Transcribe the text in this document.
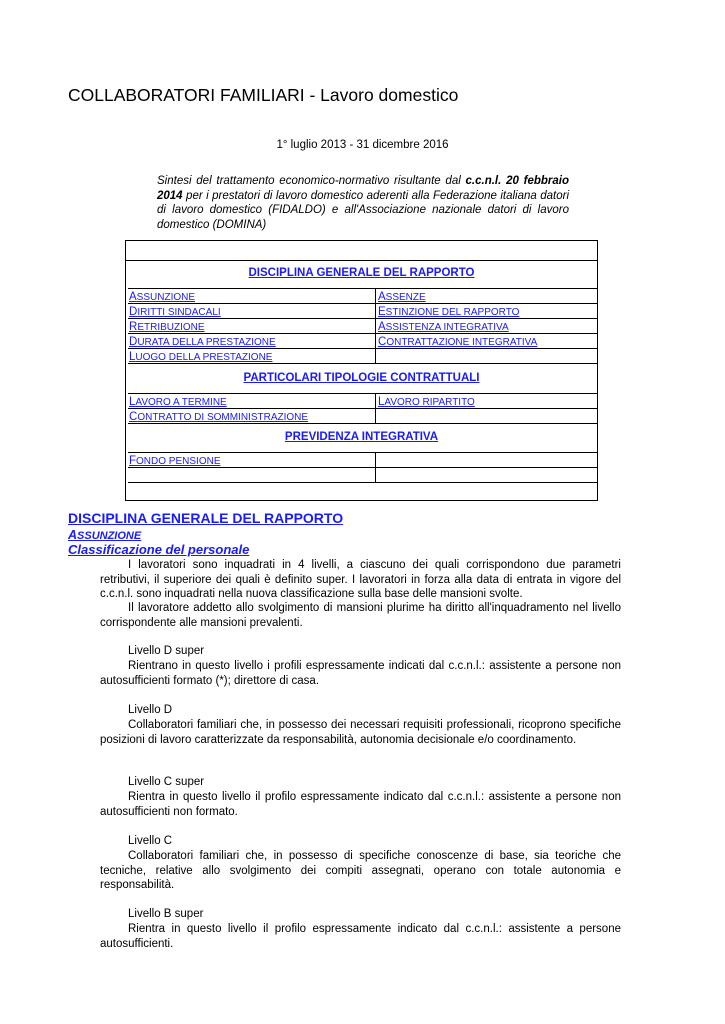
COLLABORATORI FAMILIARI - Lavoro domestico
1° luglio 2013 - 31 dicembre 2016

Sintesi del trattamento economico-normativo risultante dal c.c.n.l. 20 febbraio 2014 per i prestatori di lavoro domestico aderenti alla Federazione italiana datori di lavoro domestico (FIDALDO) e all'Associazione nazionale datori di lavoro domestico (DOMINA)

DISCIPLINA GENERALE DEL RAPPORTO
ASSUNZIONE
DIRITTI SINDACALI
RETRIBUZIONE
DURATA DELLA PRESTAZIONE
LUOGO DELLA PRESTAZIONE
ASSENZE
ESTINZIONE DEL RAPPORTO
ASSISTENZA INTEGRATIVA
CONTRATTAZIONE INTEGRATIVA
PARTICOLARI TIPOLOGIE CONTRATTUALI
LAVORO A TERMINE
CONTRATTO DI SOMMINISTRAZIONE
LAVORO RIPARTITO
PREVIDENZA INTEGRATIVA
FONDO PENSIONE
DISCIPLINA GENERALE DEL RAPPORTO
ASSUNZIONE
Classificazione del personale

I lavoratori sono inquadrati in 4 livelli, a ciascuno dei quali corrispondono due parametri retributivi, il superiore dei quali è definito super. I lavoratori in forza alla data di entrata in vigore del c.c.n.l. sono inquadrati nella nuova classificazione sulla base delle mansioni svolte.

Il lavoratore addetto allo svolgimento di mansioni plurime ha diritto all'inquadramento nel livello corrispondente alle mansioni prevalenti.

Livello D super

Rientrano in questo livello i profili espressamente indicati dal c.c.n.l.: assistente a persone non autosufficienti formato (*); direttore di casa.

Livello D

Collaboratori familiari che, in possesso dei necessari requisiti professionali, ricoprono specifiche posizioni di lavoro caratterizzate da responsabilità, autonomia decisionale e/o coordinamento.

Livello C super

Rientra in questo livello il profilo espressamente indicato dal c.c.n.l.: assistente a persone non autosufficienti non formato.

Livello C

Collaboratori familiari che, in possesso di specifiche conoscenze di base, sia teoriche che tecniche, relative allo svolgimento dei compiti assegnati, operano con totale autonomia e responsabilità.

Livello B super

Rientra in questo livello il profilo espressamente indicato dal c.c.n.l.: assistente a persone autosufficienti.
